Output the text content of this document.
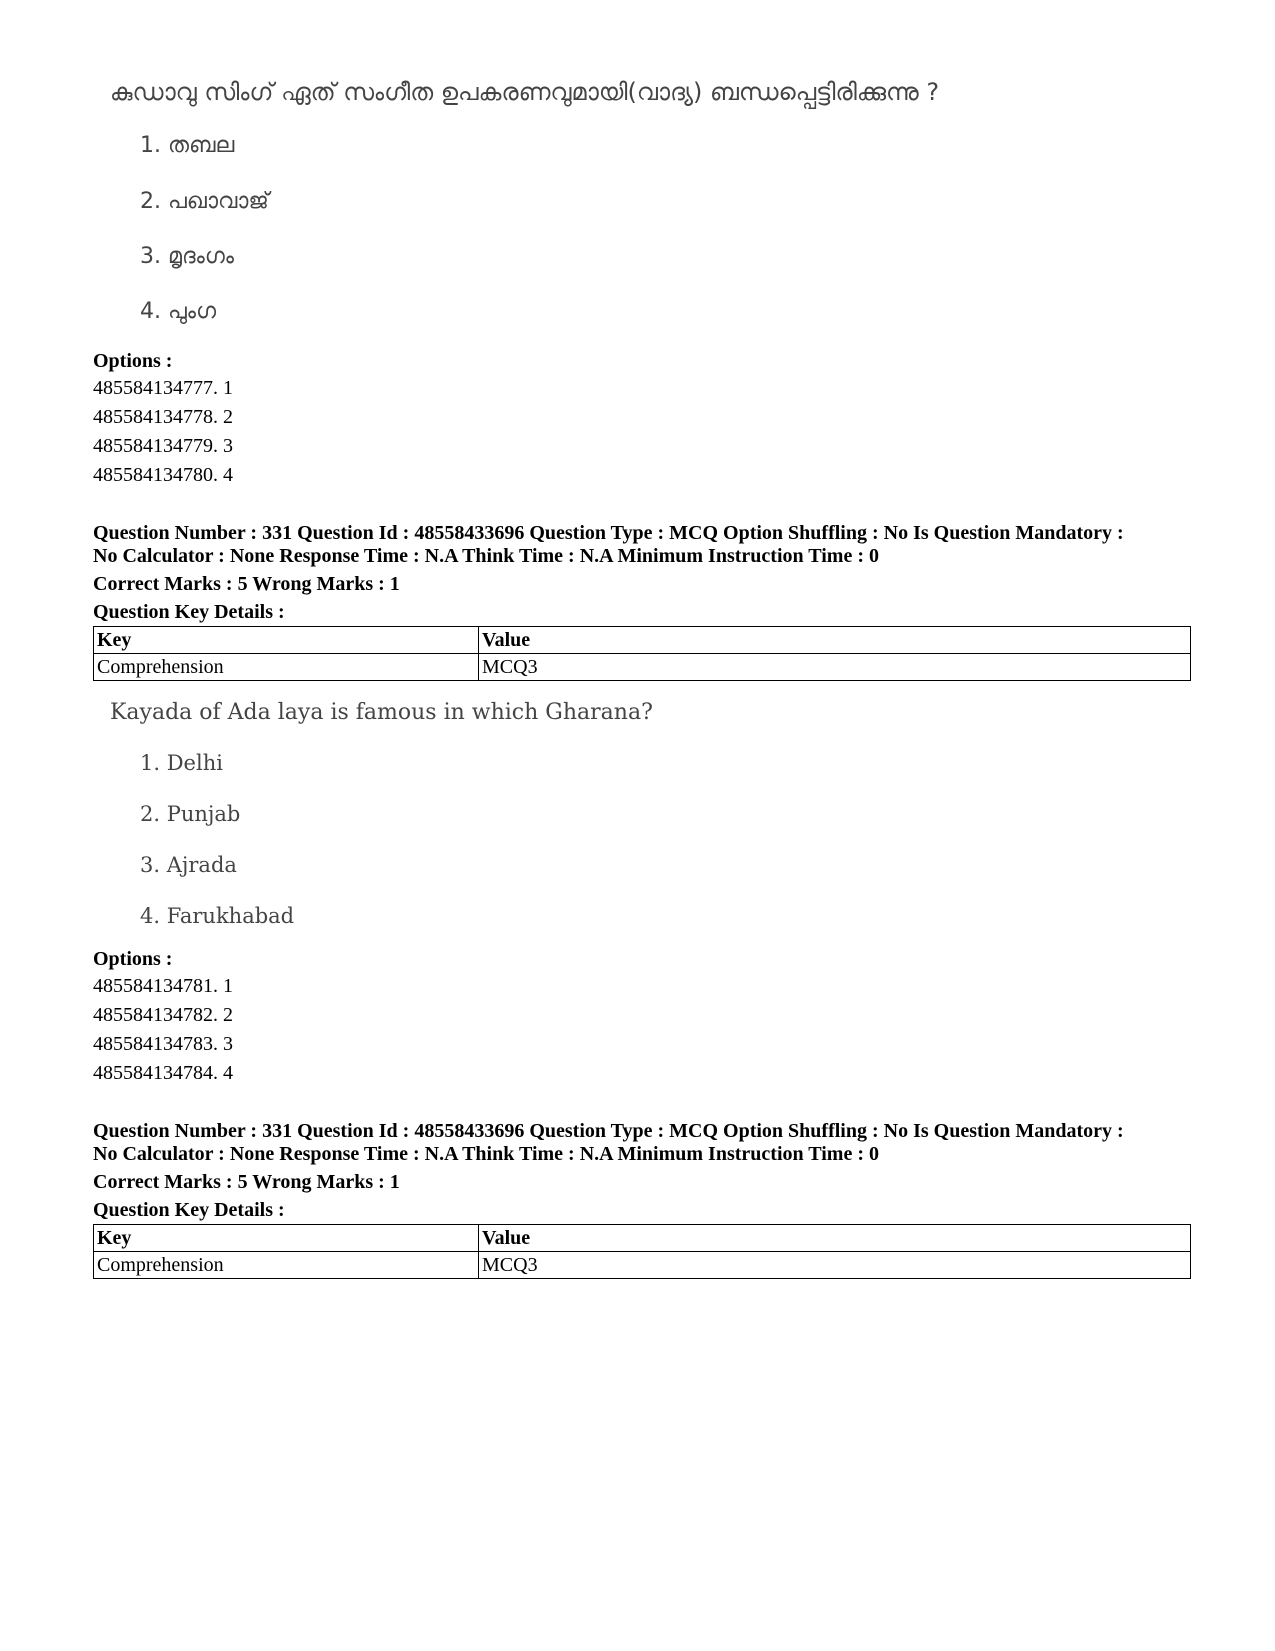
കുഡാവു സിംഗ് ഏത് സംഗീത ഉപകരണവുമായി(വാദ്യ) ബന്ധപ്പെട്ടിരിക്കുന്നു ?
1. തബല
2. പഖാവാജ്
3. മൃദംഗം
4. പുംഗ
Options :
485584134777. 1
485584134778. 2
485584134779. 3
485584134780. 4
Question Number : 331 Question Id : 48558433696 Question Type : MCQ Option Shuffling : No Is Question Mandatory :
No Calculator : None Response Time : N.A Think Time : N.A Minimum Instruction Time : 0
Correct Marks : 5 Wrong Marks : 1
Question Key Details :
Key	Value
Comprehension	MCQ3
Kayada of Ada laya is famous in which Gharana?
1. Delhi
2. Punjab
3. Ajrada
4. Farukhabad
Options :
485584134781. 1
485584134782. 2
485584134783. 3
485584134784. 4
Question Number : 331 Question Id : 48558433696 Question Type : MCQ Option Shuffling : No Is Question Mandatory :
No Calculator : None Response Time : N.A Think Time : N.A Minimum Instruction Time : 0
Correct Marks : 5 Wrong Marks : 1
Question Key Details :
Key	Value
Comprehension	MCQ3
